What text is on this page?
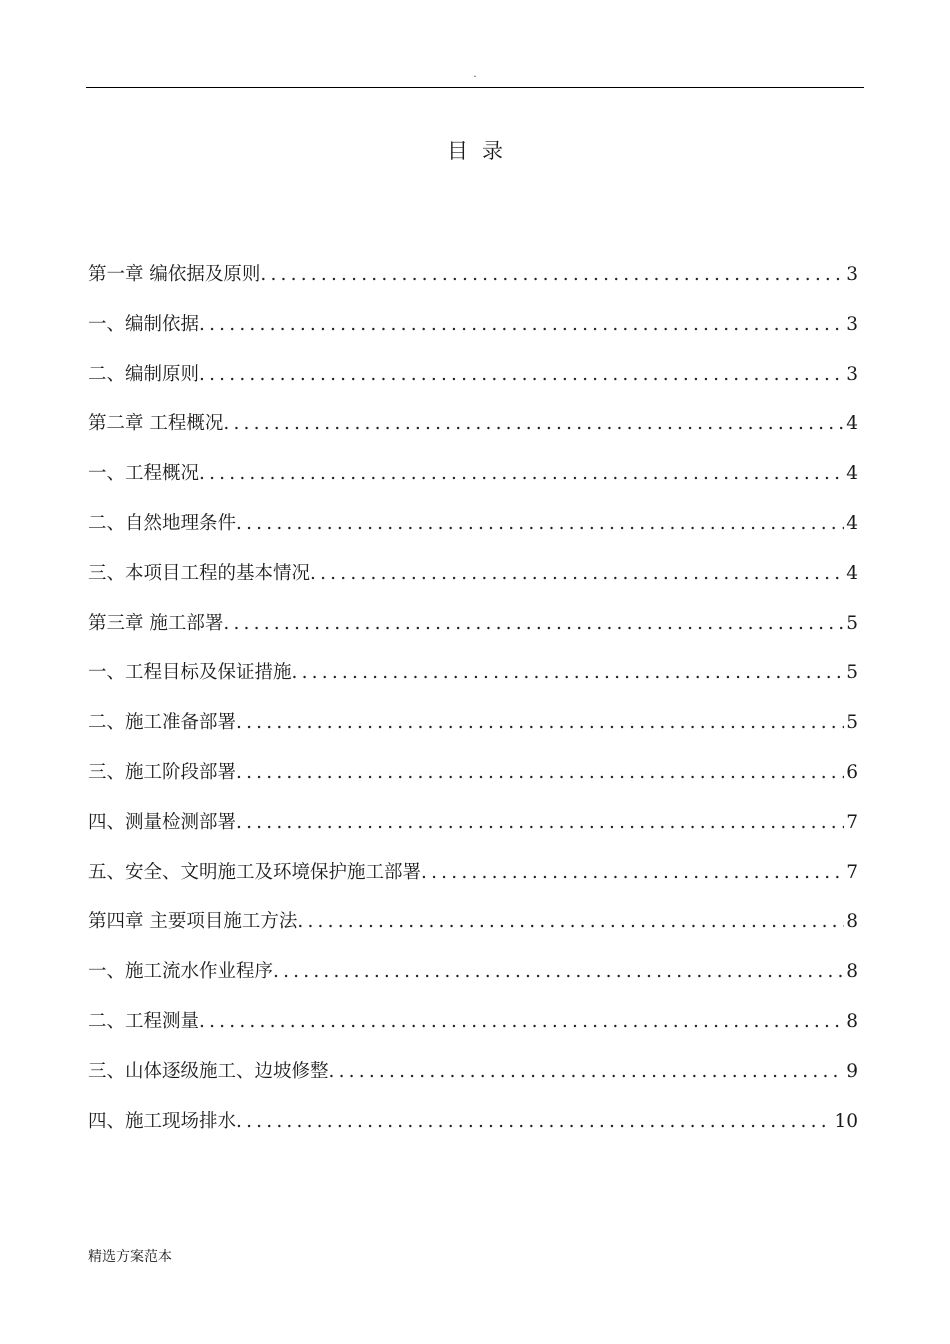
.
目录
第一章 编依据及原则 .....	3
一、编制依据 .....	3
二、编制原则 .....	3
第二章 工程概况 .....	4
一、工程概况 .....	4
二、自然地理条件 .....	4
三、本项目工程的基本情况 .....	4
第三章 施工部署 .....	5
一、工程目标及保证措施 .....	5
二、施工准备部署 .....	5
三、施工阶段部署 .....	6
四、测量检测部署 .....	7
五、安全、文明施工及环境保护施工部署 .....	7
第四章 主要项目施工方法 .....	8
一、施工流水作业程序 .....	8
二、工程测量 .....	8
三、山体逐级施工、边坡修整 .....	9
四、施工现场排水 .....	10
精选方案范本
